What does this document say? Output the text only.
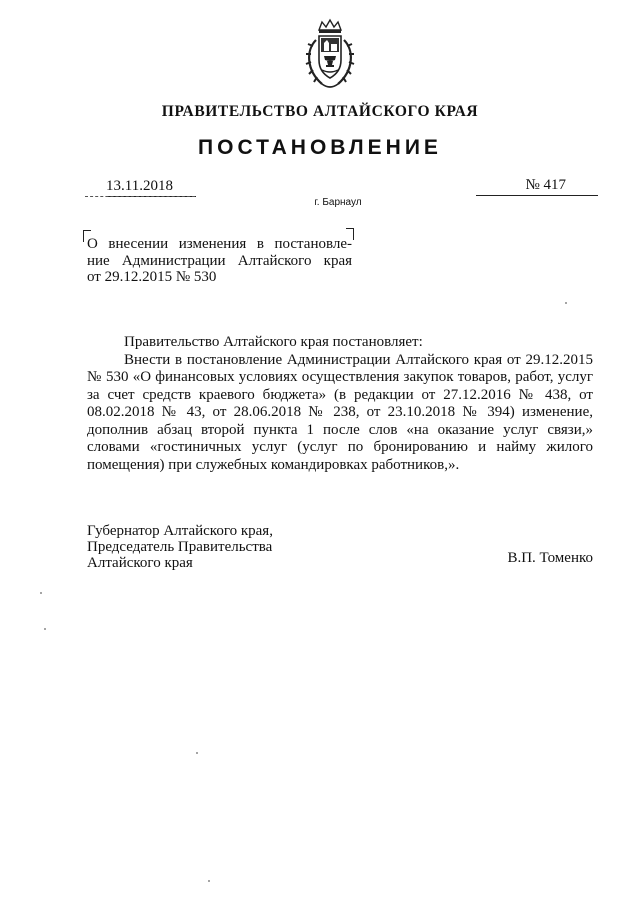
ПРАВИТЕЛЬСТВО АЛТАЙСКОГО КРАЯ
ПОСТАНОВЛЕНИЕ
13.11.2018	№ 417
г. Барнаул
О внесении изменения в постановле-
ние Администрации Алтайского края
от 29.12.2015 № 530

Правительство Алтайского края постановляет:

Внести в постановление Администрации Алтайского края от 29.12.2015 № 530 «О финансовых условиях осуществления закупок товаров, работ, услуг за счет средств краевого бюджета» (в редакции от 27.12.2016 № 438, от 08.02.2018 № 43, от 28.06.2018 № 238, от 23.10.2018 № 394) изменение, дополнив абзац второй пункта 1 после слов «на оказание услуг связи,» словами «гостиничных услуг (услуг по бронированию и найму жилого помещения) при служебных командировках работников,».

Губернатор Алтайского края,
Председатель Правительства
Алтайского края	В.П. Томенко
